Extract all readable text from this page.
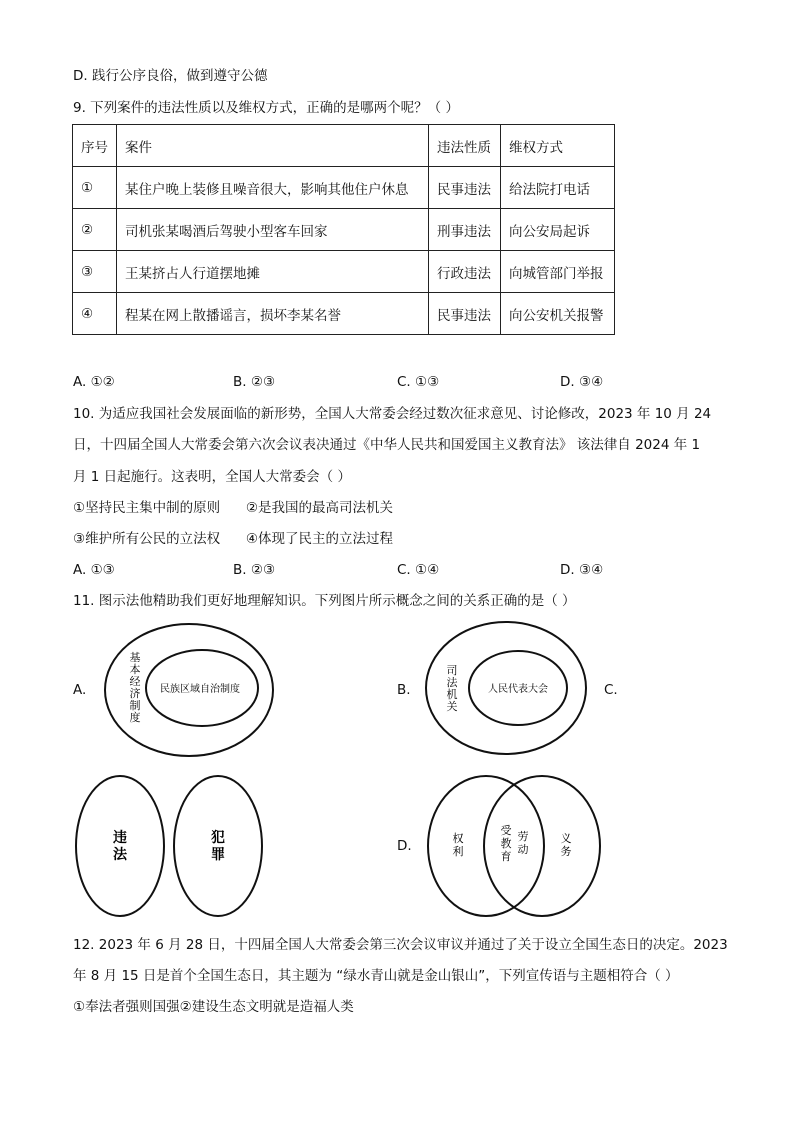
D. 践行公序良俗，做到遵守公德
9. 下列案件的违法性质以及维权方式，正确的是哪两个呢？（ ）
序号	案件	违法性质	维权方式
①	某住户晚上装修且噪音很大，影响其他住户休息	民事违法	给法院打电话
②	司机张某喝酒后驾驶小型客车回家	刑事违法	向公安局起诉
③	王某挤占人行道摆地摊	行政违法	向城管部门举报
④	程某在网上散播谣言，损坏李某名誉	民事违法	向公安机关报警
A. ①②	B. ②③	C. ①③	D. ③④
10. 为适应我国社会发展面临的新形势，全国人大常委会经过数次征求意见、讨论修改，2023 年 10 月 24
日，十四届全国人大常委会第六次会议表决通过《中华人民共和国爱国主义教育法》 该法律自 2024 年 1
月 1 日起施行。这表明，全国人大常委会（ ）
①坚持民主集中制的原则      ②是我国的最高司法机关
③维护所有公民的立法权      ④体现了民主的立法过程
A. ①③	B. ②③	C. ①④	D. ③④
11. 图示法他精助我们更好地理解知识。下列图片所示概念之间的关系正确的是（ ）
A.	B.	C.
D.
基
本
经
济
制
度
民族区域自治制度
司
法
机
关
人民代表大会
违
法
犯
罪
权
利
受
教
育
劳
动
义
务
12. 2023 年 6 月 28 日，十四届全国人大常委会第三次会议审议并通过了关于设立全国生态日的决定。2023
年 8 月 15 日是首个全国生态日，其主题为 “绿水青山就是金山银山”，下列宣传语与主题相符合（ ）
①奉法者强则国强②建设生态文明就是造福人类
